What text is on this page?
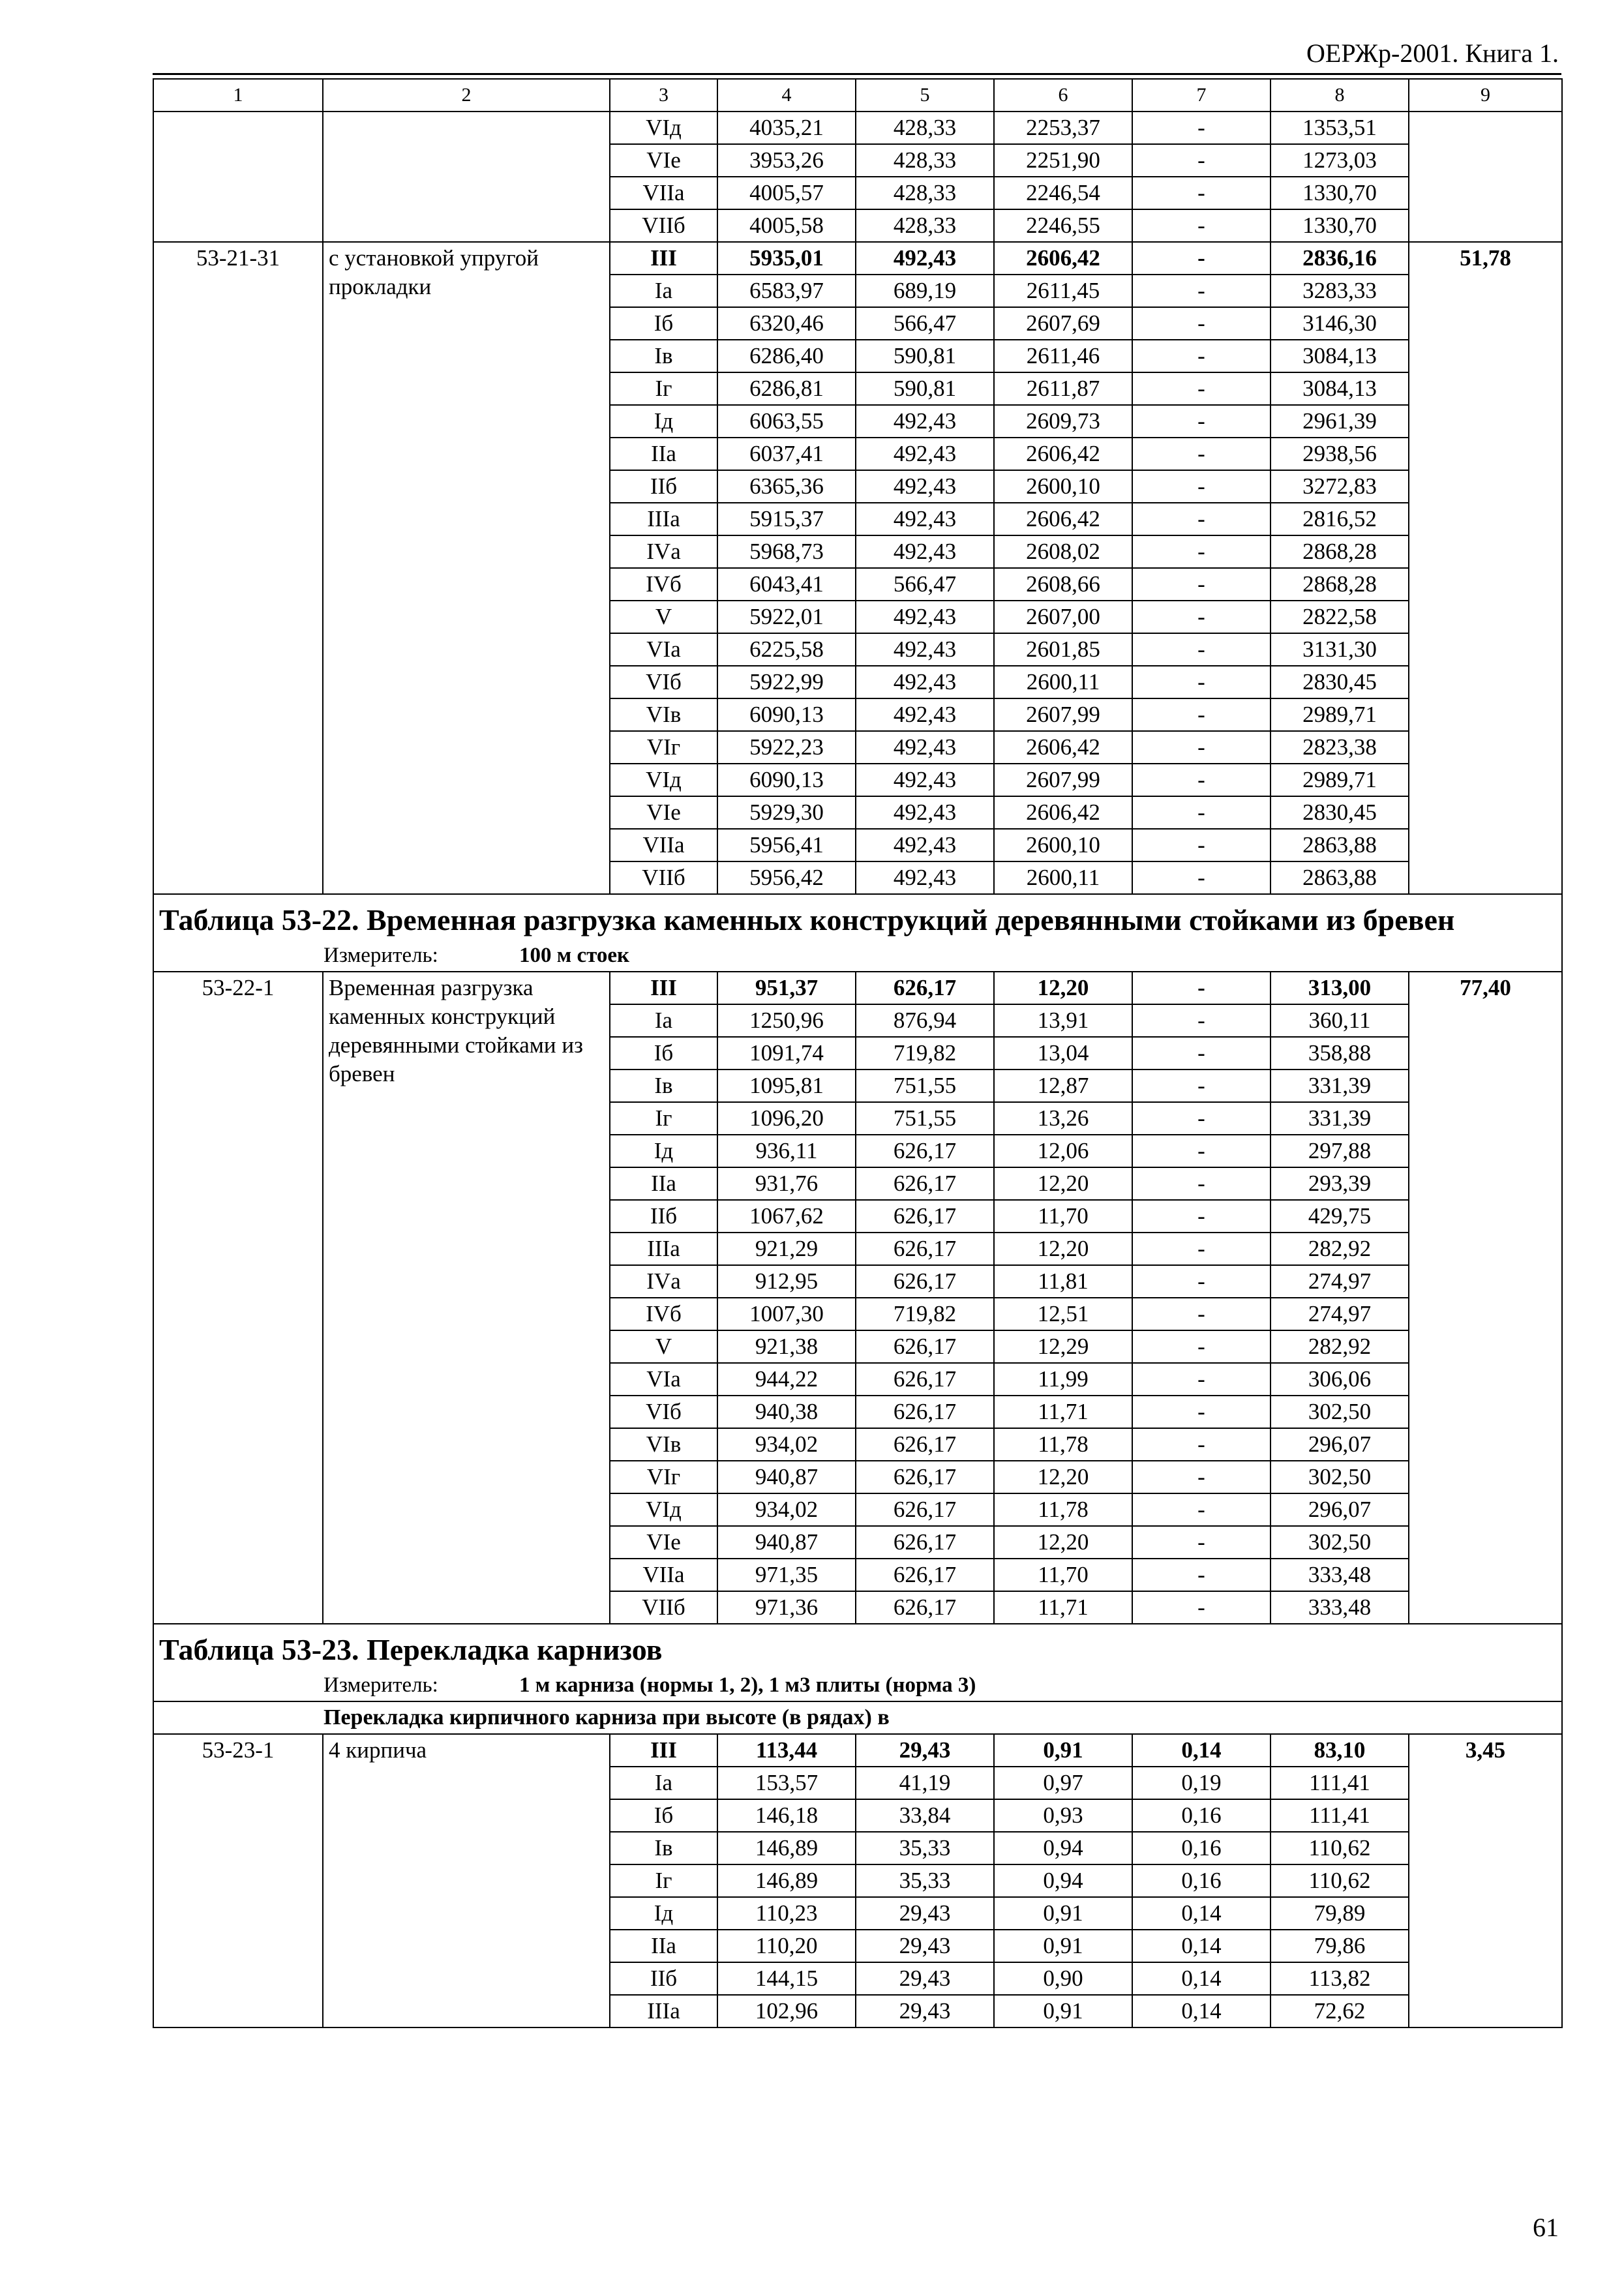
ОЕРЖр-2001. Книга 1.
1	2	3	4	5	6	7	8	9
		VIд	4035,21	428,33	2253,37	-	1353,51	
		VIе	3953,26	428,33	2251,90	-	1273,03	
		VIIа	4005,57	428,33	2246,54	-	1330,70	
		VIIб	4005,58	428,33	2246,55	-	1330,70	
53-21-31	с установкой упругой прокладки	III	5935,01	492,43	2606,42	-	2836,16	51,78
		Iа	6583,97	689,19	2611,45	-	3283,33	
		Iб	6320,46	566,47	2607,69	-	3146,30	
		Iв	6286,40	590,81	2611,46	-	3084,13	
		Iг	6286,81	590,81	2611,87	-	3084,13	
		Iд	6063,55	492,43	2609,73	-	2961,39	
		IIа	6037,41	492,43	2606,42	-	2938,56	
		IIб	6365,36	492,43	2600,10	-	3272,83	
		IIIа	5915,37	492,43	2606,42	-	2816,52	
		IVа	5968,73	492,43	2608,02	-	2868,28	
		IVб	6043,41	566,47	2608,66	-	2868,28	
		V	5922,01	492,43	2607,00	-	2822,58	
		VIа	6225,58	492,43	2601,85	-	3131,30	
		VIб	5922,99	492,43	2600,11	-	2830,45	
		VIв	6090,13	492,43	2607,99	-	2989,71	
		VIг	5922,23	492,43	2606,42	-	2823,38	
		VIд	6090,13	492,43	2607,99	-	2989,71	
		VIе	5929,30	492,43	2606,42	-	2830,45	
		VIIа	5956,41	492,43	2600,10	-	2863,88	
		VIIб	5956,42	492,43	2600,11	-	2863,88	
Таблица 53-22. Временная разгрузка каменных конструкций деревянными стойками из бревен								
Измеритель: 100 м стоек								
53-22-1	Временная разгрузка каменных конструкций деревянными стойками из бревен	III	951,37	626,17	12,20	-	313,00	77,40
		Iа	1250,96	876,94	13,91	-	360,11	
		Iб	1091,74	719,82	13,04	-	358,88	
		Iв	1095,81	751,55	12,87	-	331,39	
		Iг	1096,20	751,55	13,26	-	331,39	
		Iд	936,11	626,17	12,06	-	297,88	
		IIа	931,76	626,17	12,20	-	293,39	
		IIб	1067,62	626,17	11,70	-	429,75	
		IIIа	921,29	626,17	12,20	-	282,92	
		IVа	912,95	626,17	11,81	-	274,97	
		IVб	1007,30	719,82	12,51	-	274,97	
		V	921,38	626,17	12,29	-	282,92	
		VIа	944,22	626,17	11,99	-	306,06	
		VIб	940,38	626,17	11,71	-	302,50	
		VIв	934,02	626,17	11,78	-	296,07	
		VIг	940,87	626,17	12,20	-	302,50	
		VIд	934,02	626,17	11,78	-	296,07	
		VIе	940,87	626,17	12,20	-	302,50	
		VIIа	971,35	626,17	11,70	-	333,48	
		VIIб	971,36	626,17	11,71	-	333,48	
Таблица 53-23. Перекладка карнизов								
Измеритель: 1 м карниза (нормы 1, 2), 1 м3 плиты (норма 3)								
Перекладка кирпичного карниза при высоте (в рядах) в								
53-23-1	4 кирпича	III	113,44	29,43	0,91	0,14	83,10	3,45
		Iа	153,57	41,19	0,97	0,19	111,41	
		Iб	146,18	33,84	0,93	0,16	111,41	
		Iв	146,89	35,33	0,94	0,16	110,62	
		Iг	146,89	35,33	0,94	0,16	110,62	
		Iд	110,23	29,43	0,91	0,14	79,89	
		IIа	110,20	29,43	0,91	0,14	79,86	
		IIб	144,15	29,43	0,90	0,14	113,82	
		IIIа	102,96	29,43	0,91	0,14	72,62	
61
